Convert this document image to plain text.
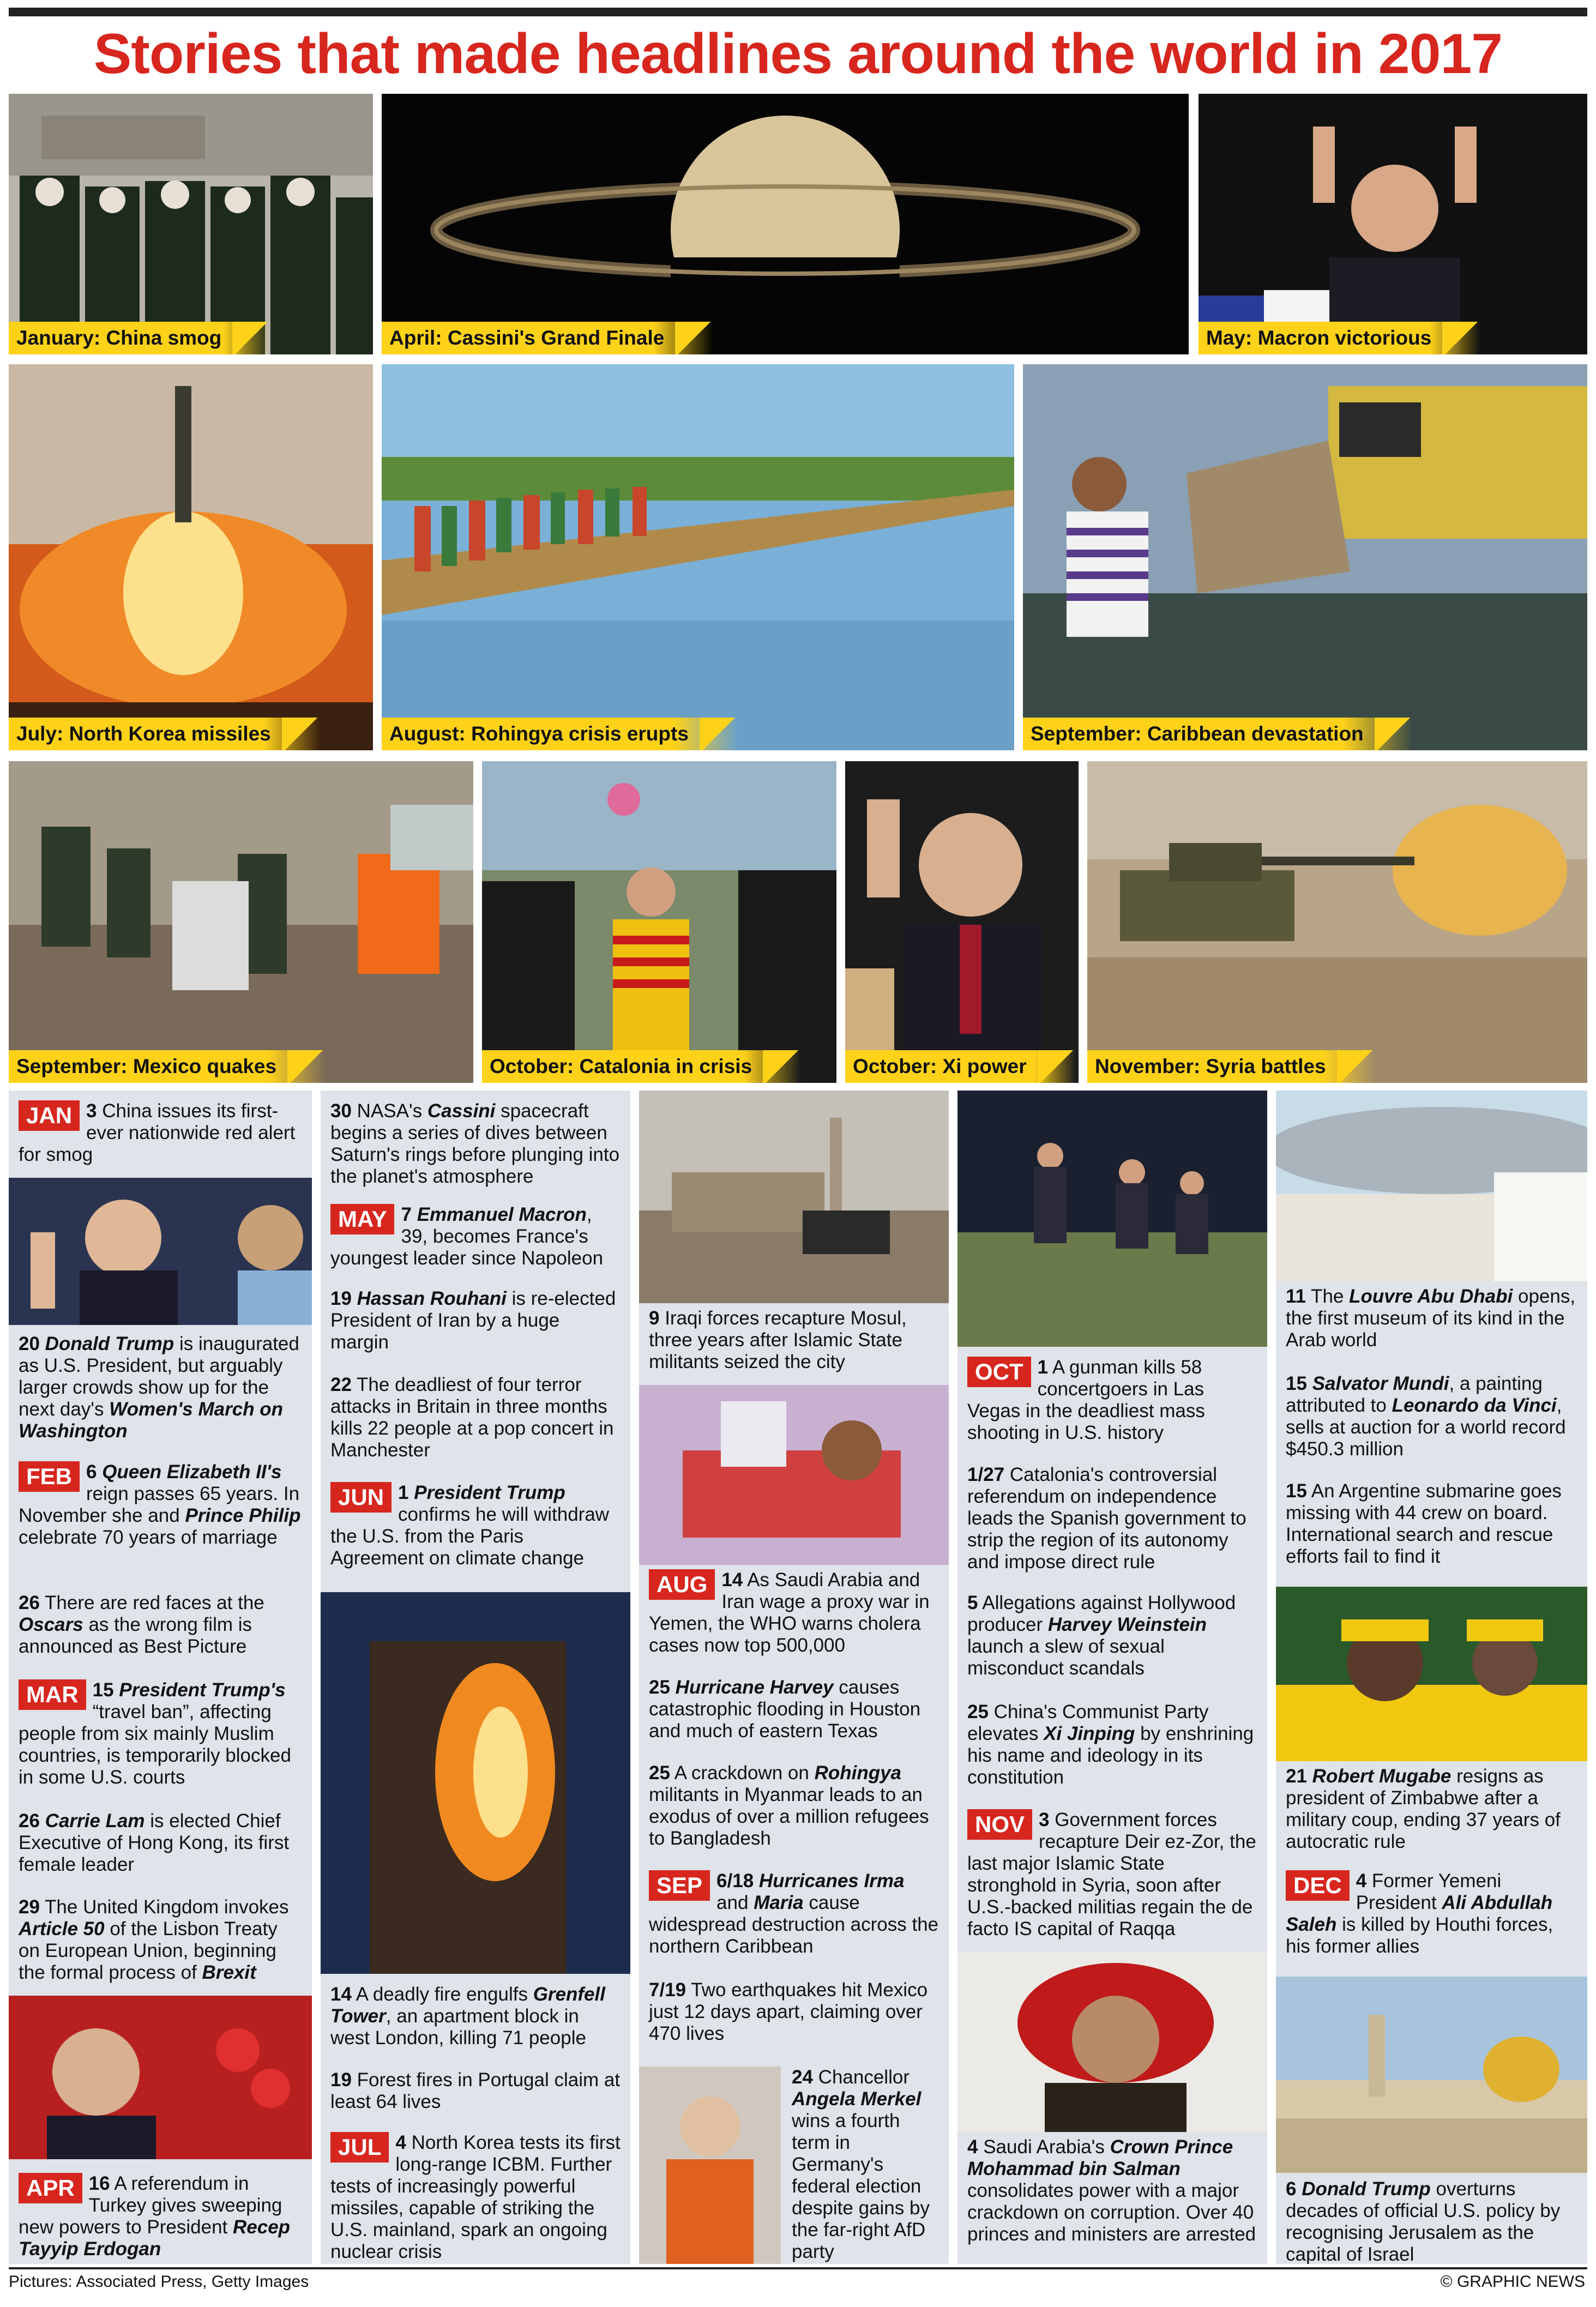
Stories that made headlines around the world in 2017
January: China smog	April: Cassini's Grand Finale	May: Macron victorious
July: North Korea missiles	August: Rohingya crisis erupts	September: Caribbean devastation
September: Mexico quakes	October: Catalonia in crisis	October: Xi power	November: Syria battles
JAN 3 China issues its first-ever nationwide red alert for smog
20 Donald Trump is inaugurated as U.S. President, but arguably larger crowds show up for the next day's Women's March on Washington
FEB 6 Queen Elizabeth II's reign passes 65 years. In November she and Prince Philip celebrate 70 years of marriage
26 There are red faces at the Oscars as the wrong film is announced as Best Picture
MAR 15 President Trump's “travel ban”, affecting people from six mainly Muslim countries, is temporarily blocked in some U.S. courts
26 Carrie Lam is elected Chief Executive of Hong Kong, its first female leader
29 The United Kingdom invokes Article 50 of the Lisbon Treaty on European Union, beginning the formal process of Brexit
APR 16 A referendum in Turkey gives sweeping new powers to President Recep Tayyip Erdogan
30 NASA's Cassini spacecraft begins a series of dives between Saturn's rings before plunging into the planet's atmosphere
MAY 7 Emmanuel Macron, 39, becomes France's youngest leader since Napoleon
19 Hassan Rouhani is re-elected President of Iran by a huge margin
22 The deadliest of four terror attacks in Britain in three months kills 22 people at a pop concert in Manchester
JUN 1 President Trump confirms he will withdraw the U.S. from the Paris Agreement on climate change
14 A deadly fire engulfs Grenfell Tower, an apartment block in west London, killing 71 people
19 Forest fires in Portugal claim at least 64 lives
JUL 4 North Korea tests its first long-range ICBM. Further tests of increasingly powerful missiles, capable of striking the U.S. mainland, spark an ongoing nuclear crisis
9 Iraqi forces recapture Mosul, three years after Islamic State militants seized the city
AUG 14 As Saudi Arabia and Iran wage a proxy war in Yemen, the WHO warns cholera cases now top 500,000
25 Hurricane Harvey causes catastrophic flooding in Houston and much of eastern Texas
25 A crackdown on Rohingya militants in Myanmar leads to an exodus of over a million refugees to Bangladesh
SEP 6/18 Hurricanes Irma and Maria cause widespread destruction across the northern Caribbean
7/19 Two earthquakes hit Mexico just 12 days apart, claiming over 470 lives
24 Chancellor Angela Merkel wins a fourth term in Germany's federal election despite gains by the far-right AfD party
OCT 1 A gunman kills 58 concertgoers in Las Vegas in the deadliest mass shooting in U.S. history
1/27 Catalonia's controversial referendum on independence leads the Spanish government to strip the region of its autonomy and impose direct rule
5 Allegations against Hollywood producer Harvey Weinstein launch a slew of sexual misconduct scandals
25 China's Communist Party elevates Xi Jinping by enshrining his name and ideology in its constitution
NOV 3 Government forces recapture Deir ez-Zor, the last major Islamic State stronghold in Syria, soon after U.S.-backed militias regain the de facto IS capital of Raqqa
4 Saudi Arabia's Crown Prince Mohammad bin Salman consolidates power with a major crackdown on corruption. Over 40 princes and ministers are arrested
11 The Louvre Abu Dhabi opens, the first museum of its kind in the Arab world
15 Salvator Mundi, a painting attributed to Leonardo da Vinci, sells at auction for a world record $450.3 million
15 An Argentine submarine goes missing with 44 crew on board. International search and rescue efforts fail to find it
21 Robert Mugabe resigns as president of Zimbabwe after a military coup, ending 37 years of autocratic rule
DEC 4 Former Yemeni President Ali Abdullah Saleh is killed by Houthi forces, his former allies
6 Donald Trump overturns decades of official U.S. policy by recognising Jerusalem as the capital of Israel
Pictures: Associated Press, Getty Images	© GRAPHIC NEWS
